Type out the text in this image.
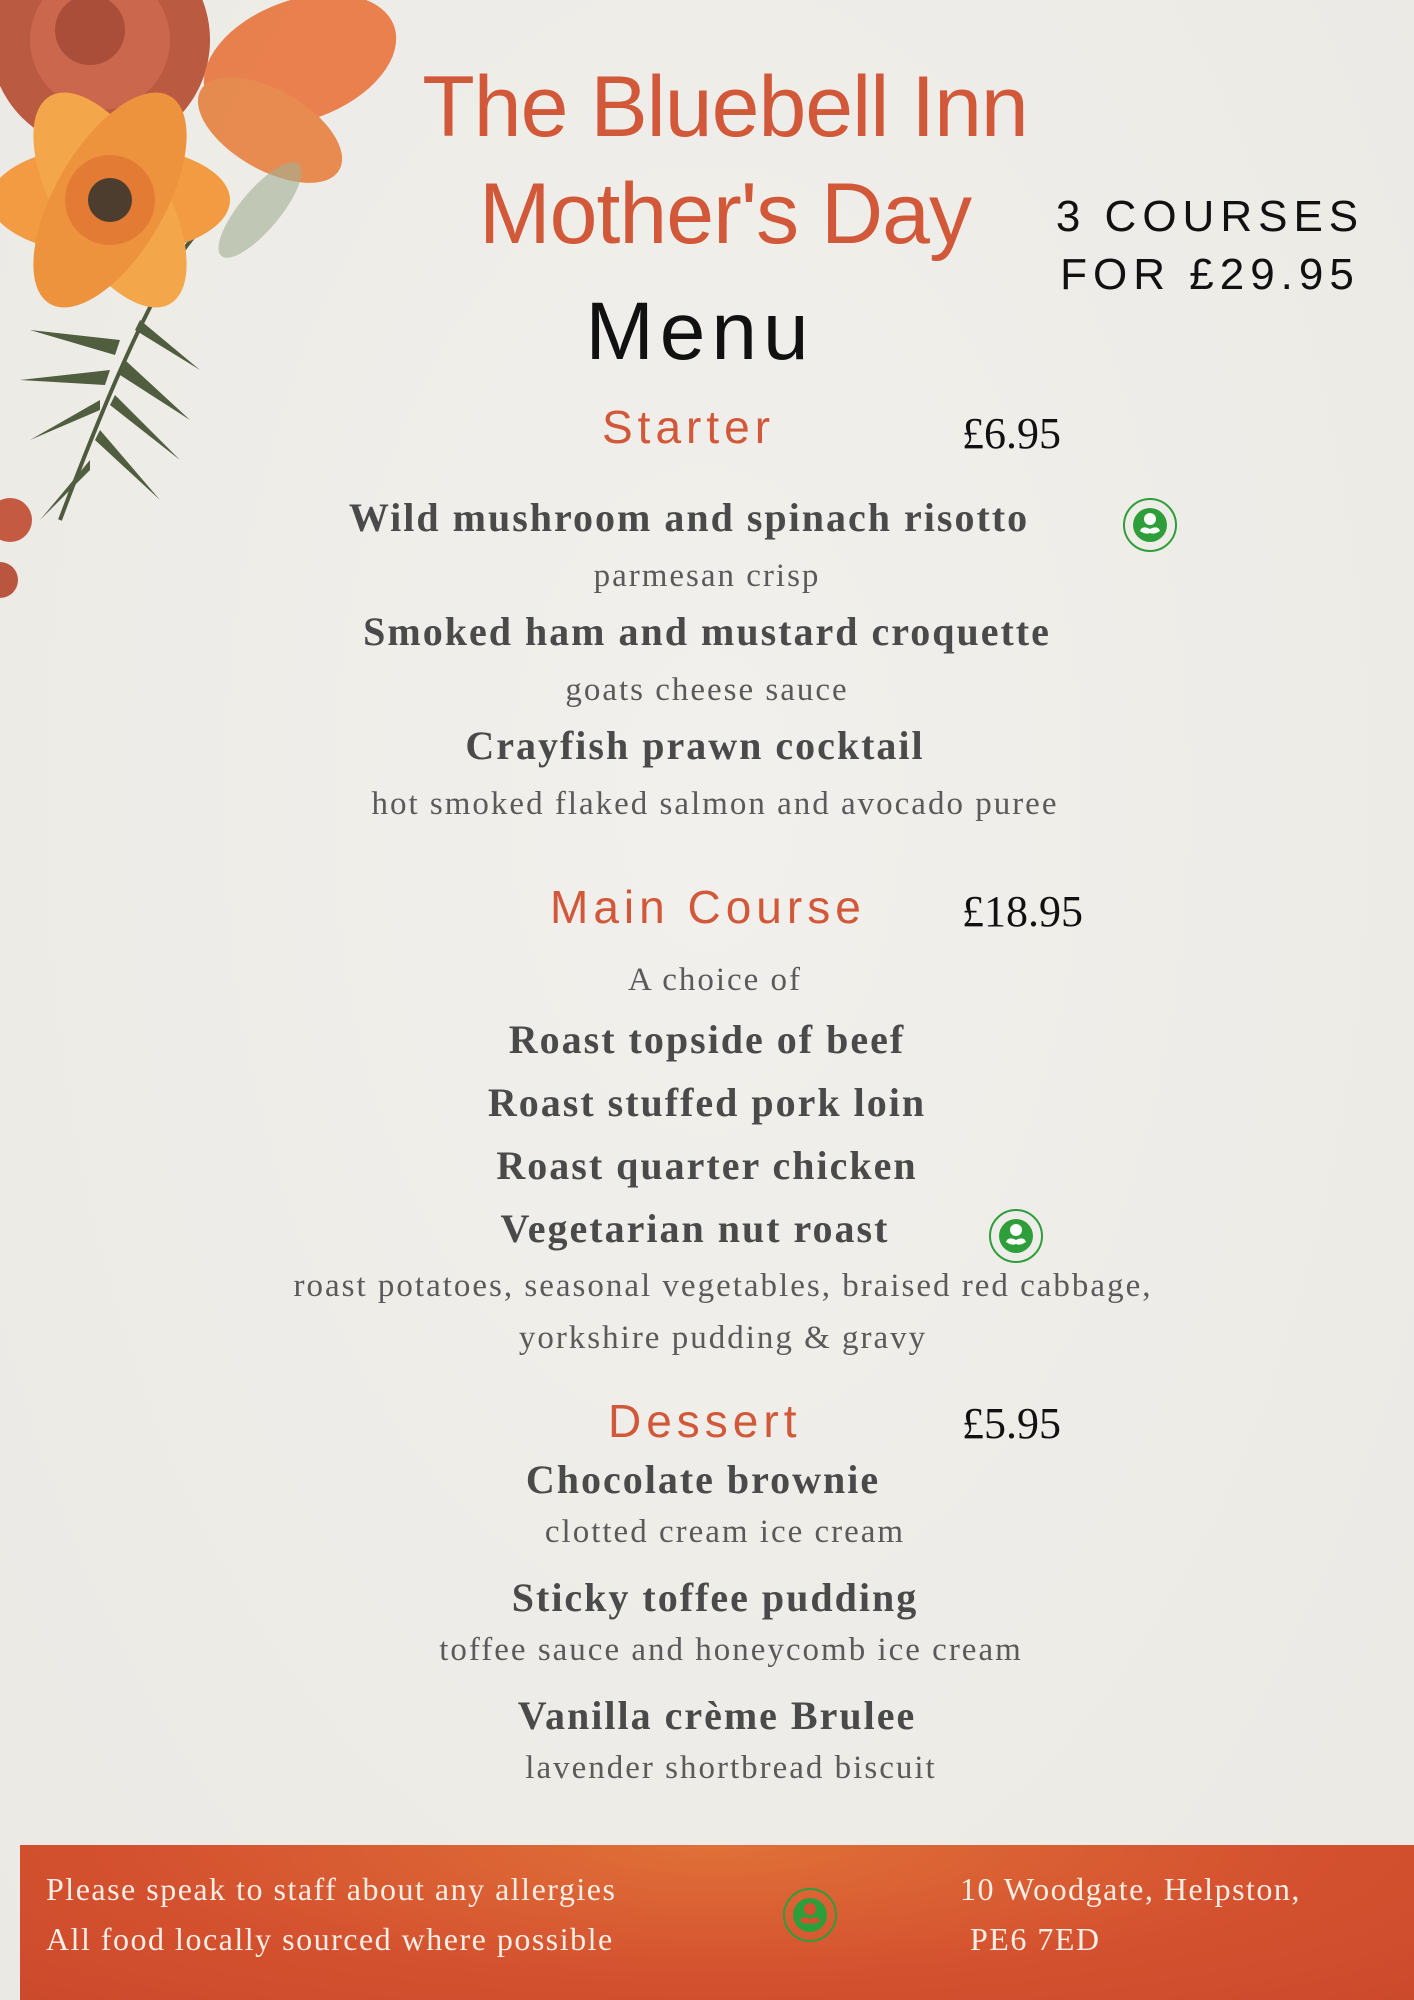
The Bluebell Inn
Mother's Day
Menu
3 COURSES
FOR £29.95
Starter	£6.95
Wild mushroom and spinach risotto
parmesan crisp
Smoked ham and mustard croquette
goats cheese sauce
Crayfish prawn cocktail
hot smoked flaked salmon and avocado puree
Main Course £18.95
A choice of
Roast topside of beef
Roast stuffed pork loin
Roast quarter chicken
Vegetarian nut roast
roast potatoes, seasonal vegetables, braised red cabbage,
yorkshire pudding & gravy
Dessert	£5.95
Chocolate brownie
clotted cream ice cream
Sticky toffee pudding
toffee sauce and honeycomb ice cream
Vanilla crème Brulee
lavender shortbread biscuit
Please speak to staff about any allergies
All food locally sourced where possible
10 Woodgate, Helpston,
PE6 7ED
